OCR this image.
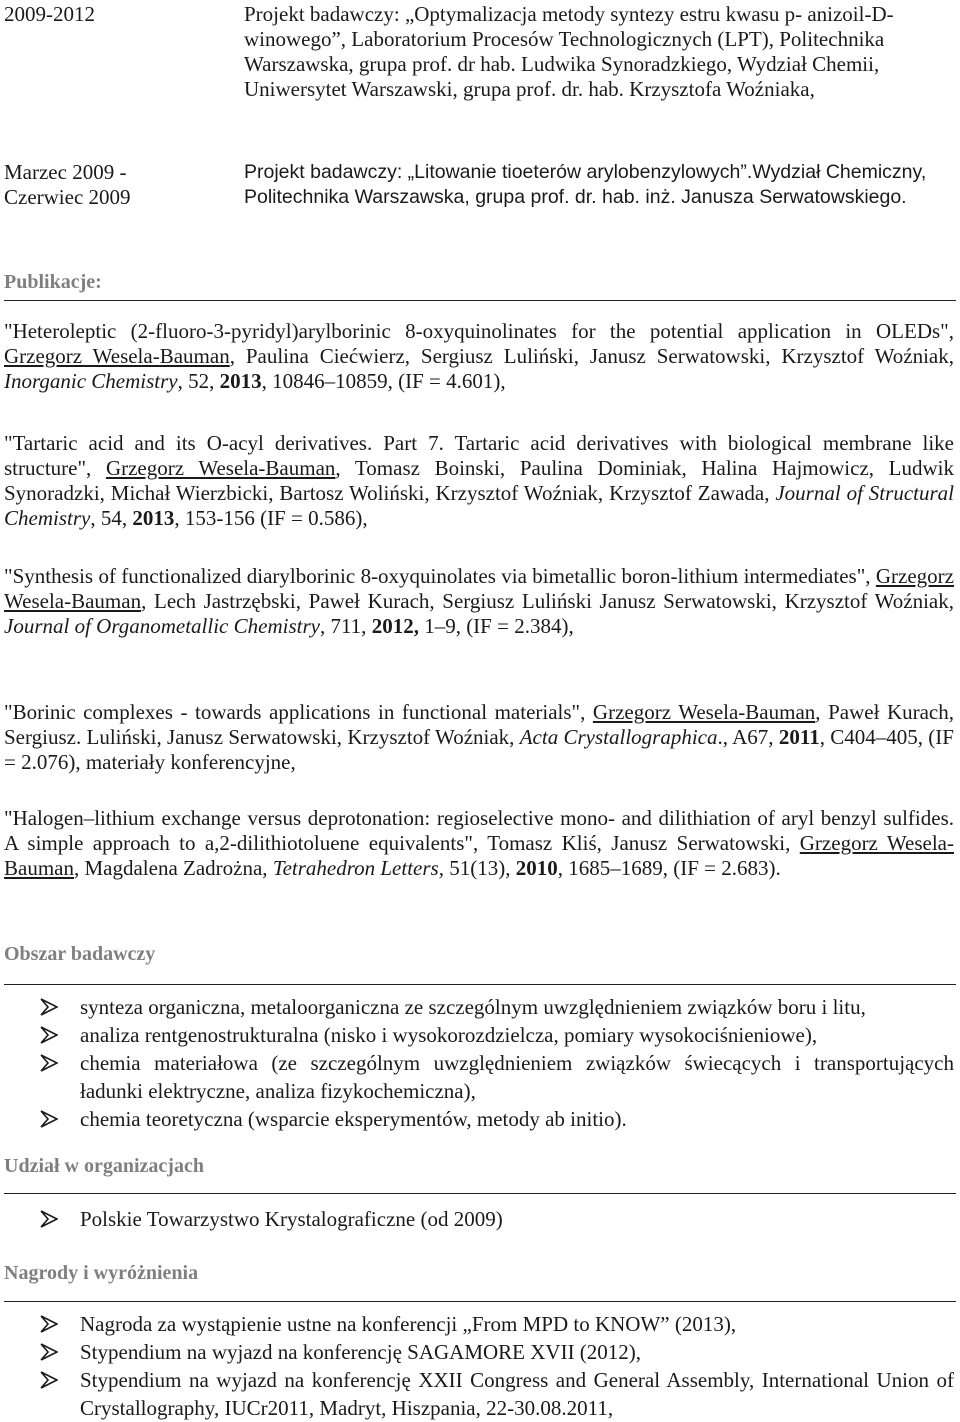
2009-2012	Projekt badawczy: „Optymalizacja metody syntezy estru kwasu p- anizoil-D-winowego”, Laboratorium Procesów Technologicznych (LPT), Politechnika Warszawska, grupa prof. dr hab. Ludwika Synoradzkiego, Wydział Chemii, Uniwersytet Warszawski, grupa prof. dr. hab. Krzysztofa Woźniaka,
Marzec 2009 -
Czerwiec 2009
Projekt badawczy: „Litowanie tioeterów arylobenzylowych”.Wydział Chemiczny, Politechnika Warszawska, grupa prof. dr. hab. inż. Janusza Serwatowskiego.
Publikacje:
"Heteroleptic (2-fluoro-3-pyridyl)arylborinic 8-oxyquinolinates for the potential application in OLEDs", Grzegorz Wesela-Bauman, Paulina Ciećwierz, Sergiusz Luliński, Janusz Serwatowski, Krzysztof Woźniak, Inorganic Chemistry, 52, 2013, 10846–10859, (IF = 4.601),
"Tartaric acid and its O-acyl derivatives. Part 7. Tartaric acid derivatives with biological membrane like structure", Grzegorz Wesela-Bauman, Tomasz Boinski, Paulina Dominiak, Halina Hajmowicz, Ludwik Synoradzki, Michał Wierzbicki, Bartosz Woliński, Krzysztof Woźniak, Krzysztof Zawada, Journal of Structural Chemistry, 54, 2013, 153-156 (IF = 0.586),
"Synthesis of functionalized diarylborinic 8-oxyquinolates via bimetallic boron-lithium intermediates", Grzegorz Wesela-Bauman, Lech Jastrzębski, Paweł Kurach, Sergiusz Luliński Janusz Serwatowski, Krzysztof Woźniak, Journal of Organometallic Chemistry, 711, 2012, 1–9, (IF = 2.384),
"Borinic complexes - towards applications in functional materials", Grzegorz Wesela-Bauman, Paweł Kurach, Sergiusz. Luliński, Janusz Serwatowski, Krzysztof Woźniak, Acta Crystallographica., A67, 2011, C404–405, (IF = 2.076), materiały konferencyjne,
"Halogen–lithium exchange versus deprotonation: regioselective mono- and dilithiation of aryl benzyl sulfides. A simple approach to a,2-dilithiotoluene equivalents", Tomasz Kliś, Janusz Serwatowski, Grzegorz Wesela-Bauman, Magdalena Zadrożna, Tetrahedron Letters, 51(13), 2010, 1685–1689, (IF = 2.683).
Obszar badawczy
synteza organiczna, metaloorganiczna ze szczególnym uwzględnieniem związków boru i litu,
analiza rentgenostrukturalna (nisko i wysokorozdzielcza, pomiary wysokociśnieniowe),
chemia materiałowa (ze szczególnym uwzględnieniem związków świecących i transportujących ładunki elektryczne, analiza fizykochemiczna),
chemia teoretyczna (wsparcie eksperymentów, metody ab initio).
Udział w organizacjach
Polskie Towarzystwo Krystalograficzne (od 2009)
Nagrody i wyróżnienia
Nagroda za wystąpienie ustne na konferencji „From MPD to KNOW” (2013),
Stypendium na wyjazd na konferencję SAGAMORE XVII (2012),
Stypendium na wyjazd na konferencję XXII Congress and General Assembly, International Union of Crystallography, IUCr2011, Madryt, Hiszpania, 22-30.08.2011,
